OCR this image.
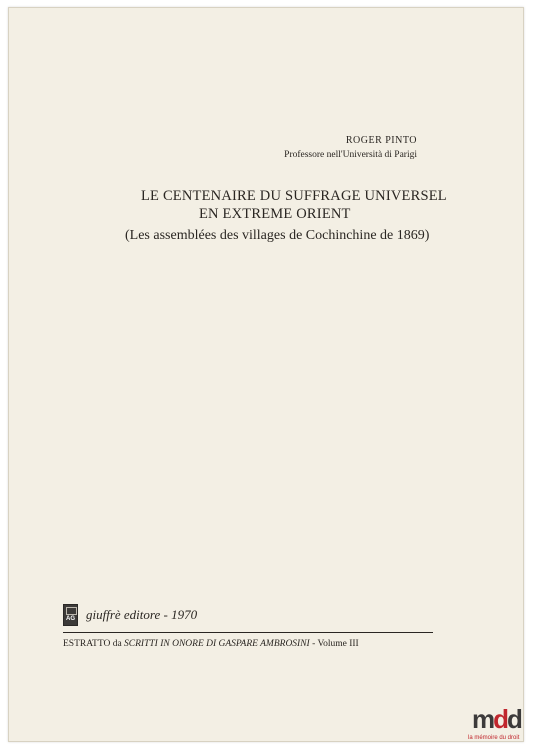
ROGER PINTO

Professore nell'Università di Parigi

LE CENTENAIRE DU SUFFRAGE UNIVERSEL
EN EXTREME ORIENT
(Les assemblées des villages de Cochinchine de 1869)
AG giuffrè editore - 1970
ESTRATTO da SCRITTI IN ONORE DI GASPARE AMBROSINI - Volume III
mdd
la mémoire du droit
